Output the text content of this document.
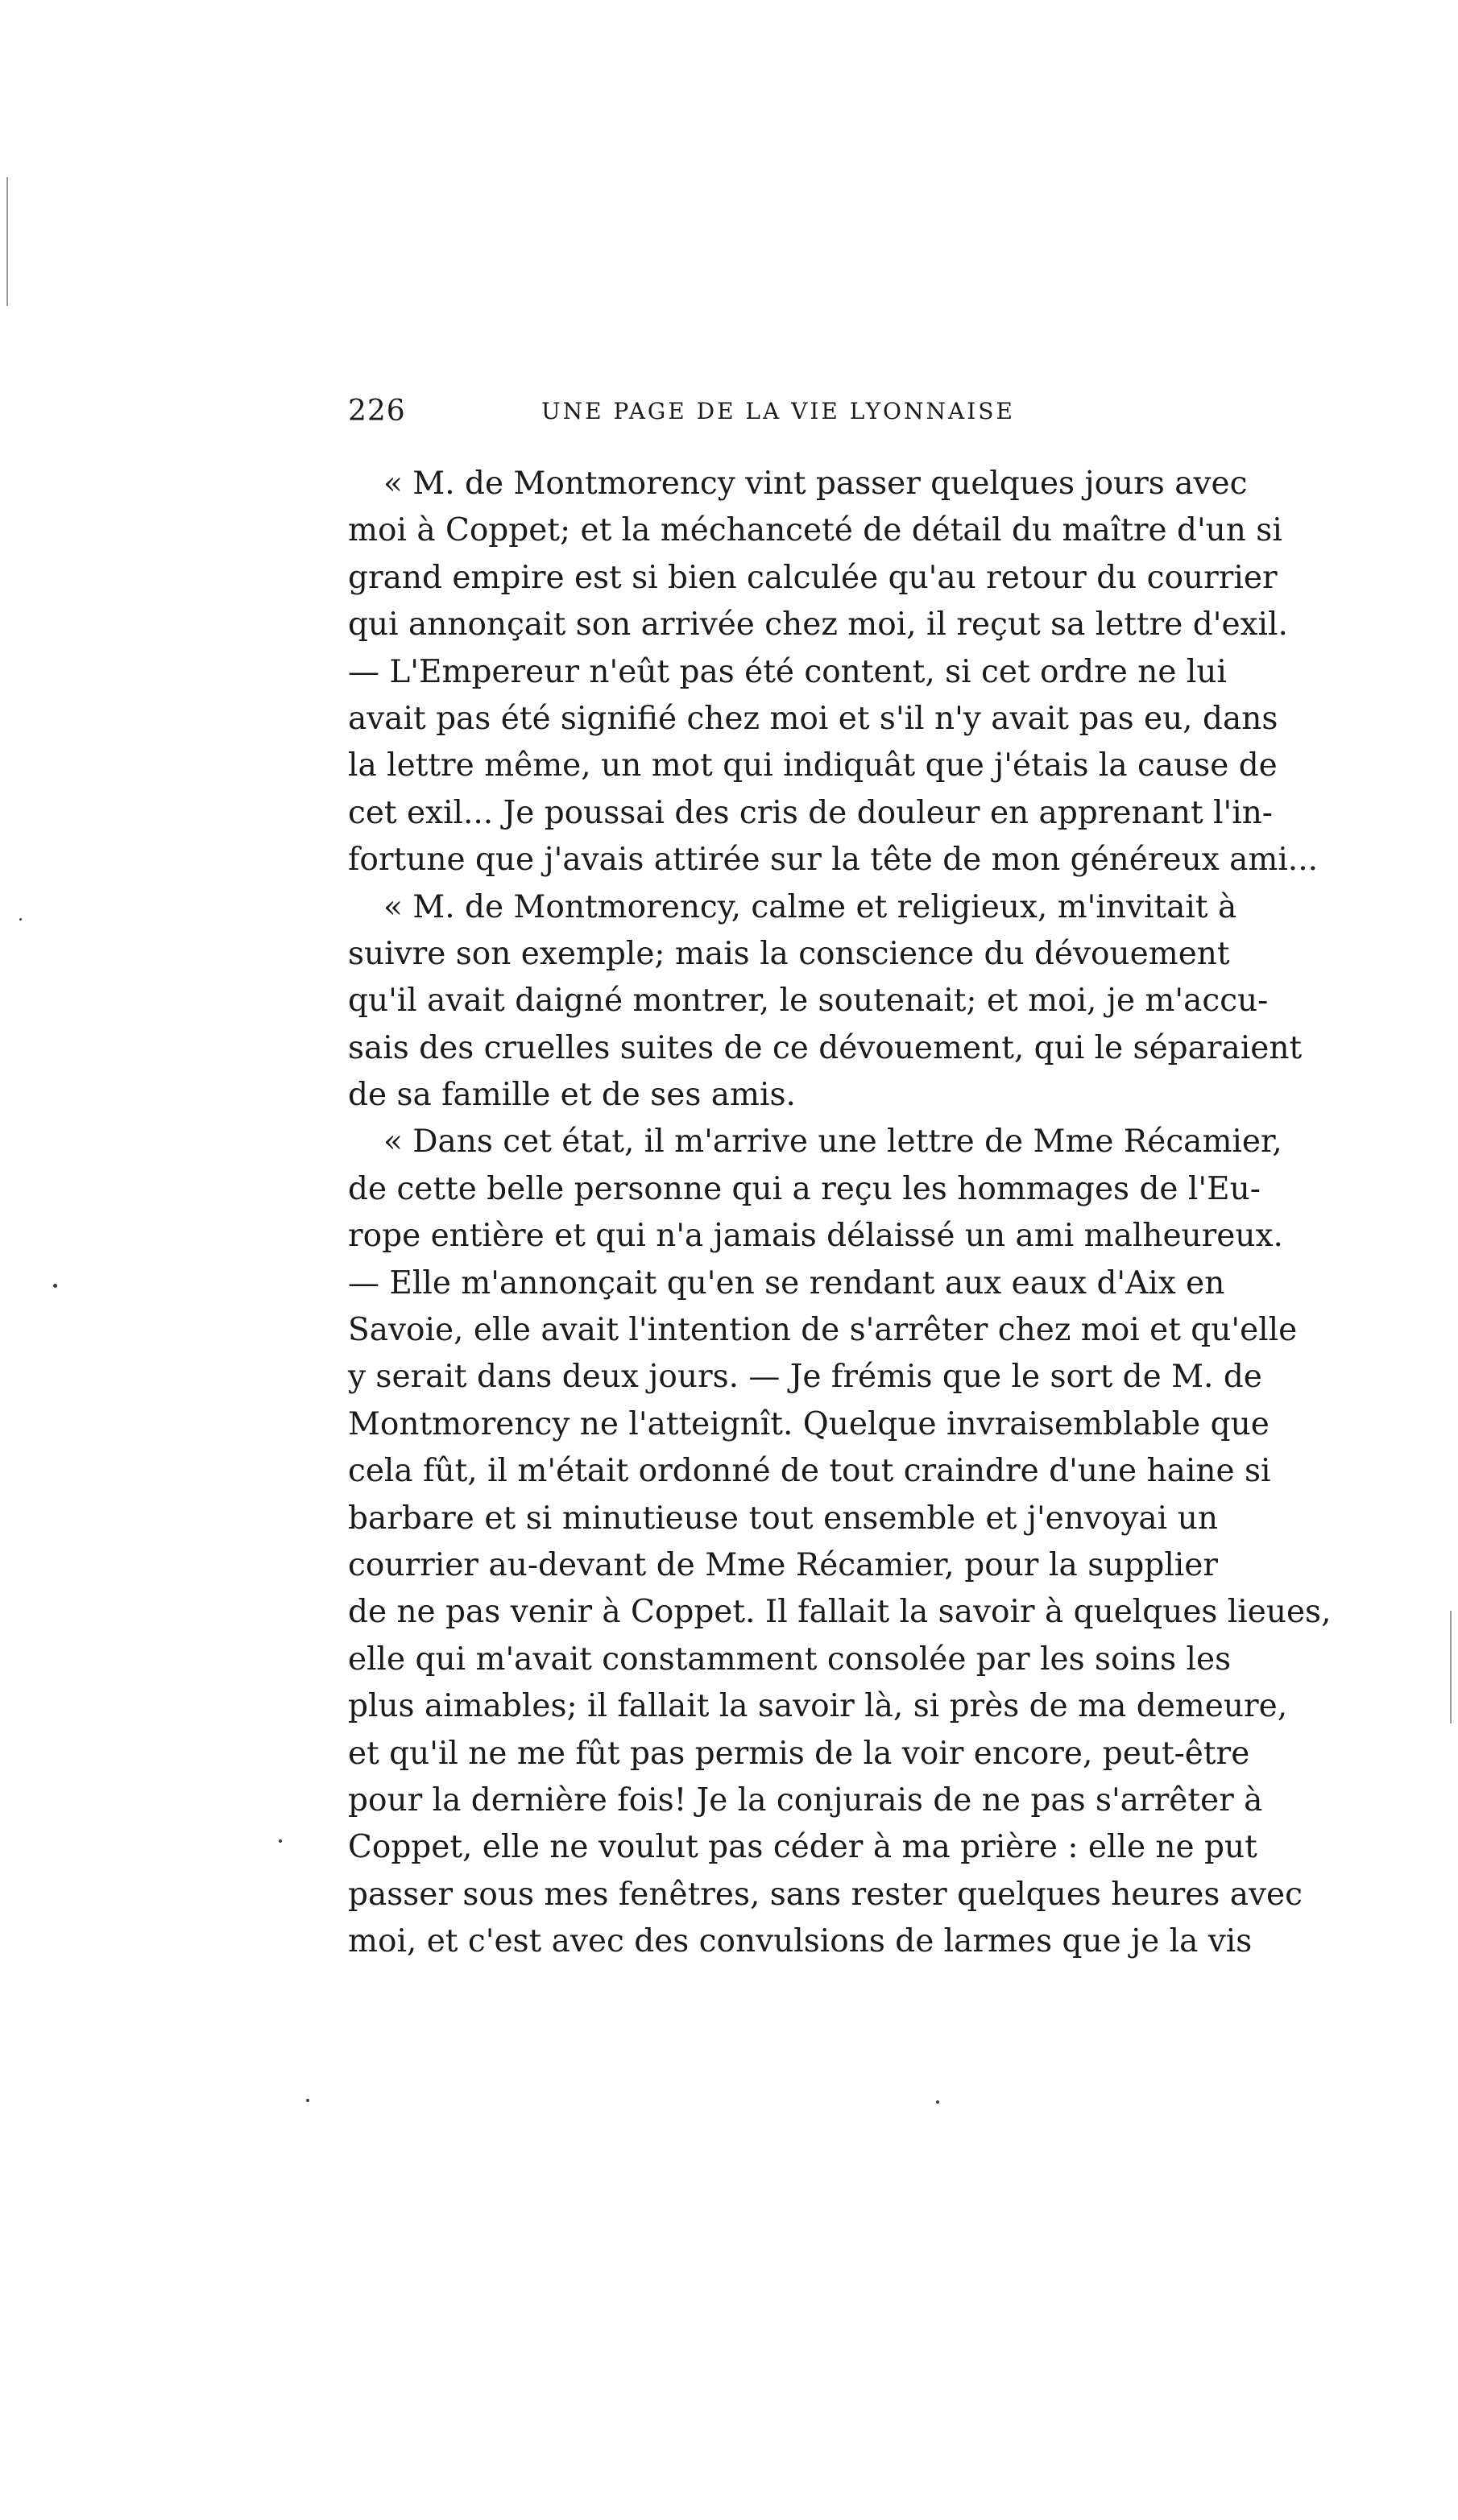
226	UNE PAGE DE LA VIE LYONNAISE
« M. de Montmorency vint passer quelques jours avec
moi à Coppet; et la méchanceté de détail du maître d'un si
grand empire est si bien calculée qu'au retour du courrier
qui annonçait son arrivée chez moi, il reçut sa lettre d'exil.
— L'Empereur n'eût pas été content, si cet ordre ne lui
avait pas été signifié chez moi et s'il n'y avait pas eu, dans
la lettre même, un mot qui indiquât que j'étais la cause de
cet exil... Je poussai des cris de douleur en apprenant l'in-
fortune que j'avais attirée sur la tête de mon généreux ami...
« M. de Montmorency, calme et religieux, m'invitait à
suivre son exemple; mais la conscience du dévouement
qu'il avait daigné montrer, le soutenait; et moi, je m'accu-
sais des cruelles suites de ce dévouement, qui le séparaient
de sa famille et de ses amis.
« Dans cet état, il m'arrive une lettre de Mme Récamier,
de cette belle personne qui a reçu les hommages de l'Eu-
rope entière et qui n'a jamais délaissé un ami malheureux.
— Elle m'annonçait qu'en se rendant aux eaux d'Aix en
Savoie, elle avait l'intention de s'arrêter chez moi et qu'elle
y serait dans deux jours. — Je frémis que le sort de M. de
Montmorency ne l'atteignît. Quelque invraisemblable que
cela fût, il m'était ordonné de tout craindre d'une haine si
barbare et si minutieuse tout ensemble et j'envoyai un
courrier au-devant de Mme Récamier, pour la supplier
de ne pas venir à Coppet. Il fallait la savoir à quelques lieues,
elle qui m'avait constamment consolée par les soins les
plus aimables; il fallait la savoir là, si près de ma demeure,
et qu'il ne me fût pas permis de la voir encore, peut-être
pour la dernière fois! Je la conjurais de ne pas s'arrêter à
Coppet, elle ne voulut pas céder à ma prière : elle ne put
passer sous mes fenêtres, sans rester quelques heures avec
moi, et c'est avec des convulsions de larmes que je la vis
